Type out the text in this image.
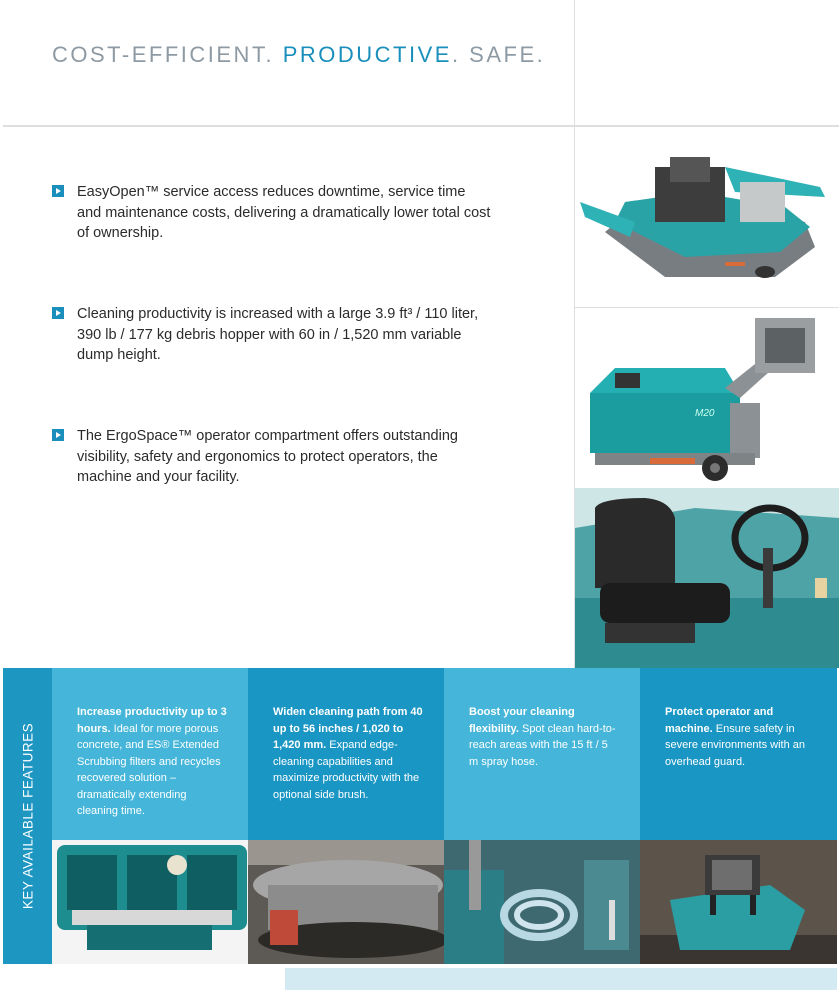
COST-EFFICIENT. PRODUCTIVE. SAFE.
EasyOpen™ service access reduces downtime, service time and maintenance costs, delivering a dramatically lower total cost of ownership.
Cleaning productivity is increased with a large 3.9 ft³ / 110 liter, 390 lb / 177 kg debris hopper with 60 in / 1,520 mm variable dump height.
The ErgoSpace™ operator compartment offers outstanding visibility, safety and ergonomics to protect operators, the machine and your facility.
M20
KEY AVAILABLE FEATURES
Increase productivity up to 3 hours. Ideal for more porous concrete, and ES® Extended Scrubbing filters and recycles recovered solution – dramatically extending cleaning time.
Widen cleaning path from 40 up to 56 inches / 1,020 to 1,420 mm. Expand edge-cleaning capabilities and maximize productivity with the optional side brush.
Boost your cleaning flexibility. Spot clean hard-to-reach areas with the 15 ft / 5 m spray hose.
Protect operator and machine. Ensure safety in severe environments with an overhead guard.
